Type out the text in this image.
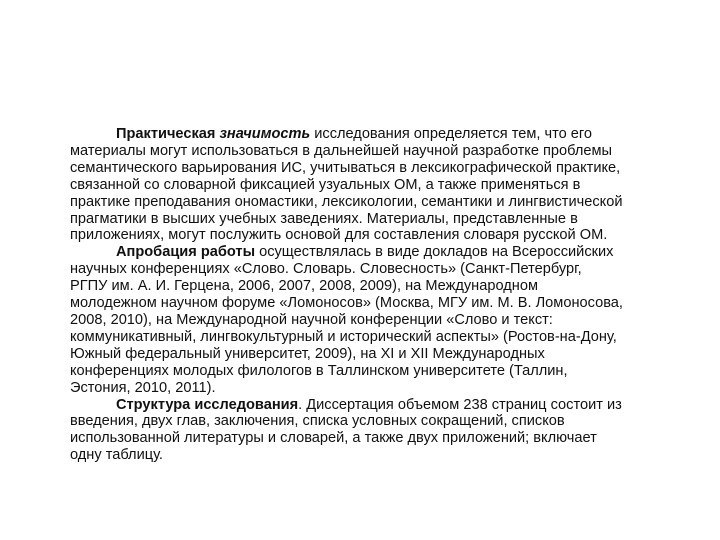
Практическая значимость исследования определяется тем, что его
материалы могут использоваться в дальнейшей научной разработке проблемы
семантического варьирования ИС, учитываться в лексикографической практике,
связанной со словарной фиксацией узуальных ОМ, а также применяться в
практике преподавания ономастики, лексикологии, семантики и лингвистической
прагматики в высших учебных заведениях. Материалы, представленные в
приложениях, могут послужить основой для составления словаря русской ОМ.
Апробация работы осуществлялась в виде докладов на Всероссийских
научных конференциях «Слово. Словарь. Словесность» (Санкт-Петербург,
РГПУ им. А. И. Герцена, 2006, 2007, 2008, 2009), на Международном
молодежном научном форуме «Ломоносов» (Москва, МГУ им. М. В. Ломоносова,
2008, 2010), на Международной научной конференции «Слово и текст:
коммуникативный, лингвокультурный и исторический аспекты» (Ростов-на-Дону,
Южный федеральный университет, 2009), на XI и XII Международных
конференциях молодых филологов в Таллинском университете (Таллин,
Эстония, 2010, 2011).
Структура исследования. Диссертация объемом 238 страниц состоит из
введения, двух глав, заключения, списка условных сокращений, списков
использованной литературы и словарей, а также двух приложений; включает
одну таблицу.
